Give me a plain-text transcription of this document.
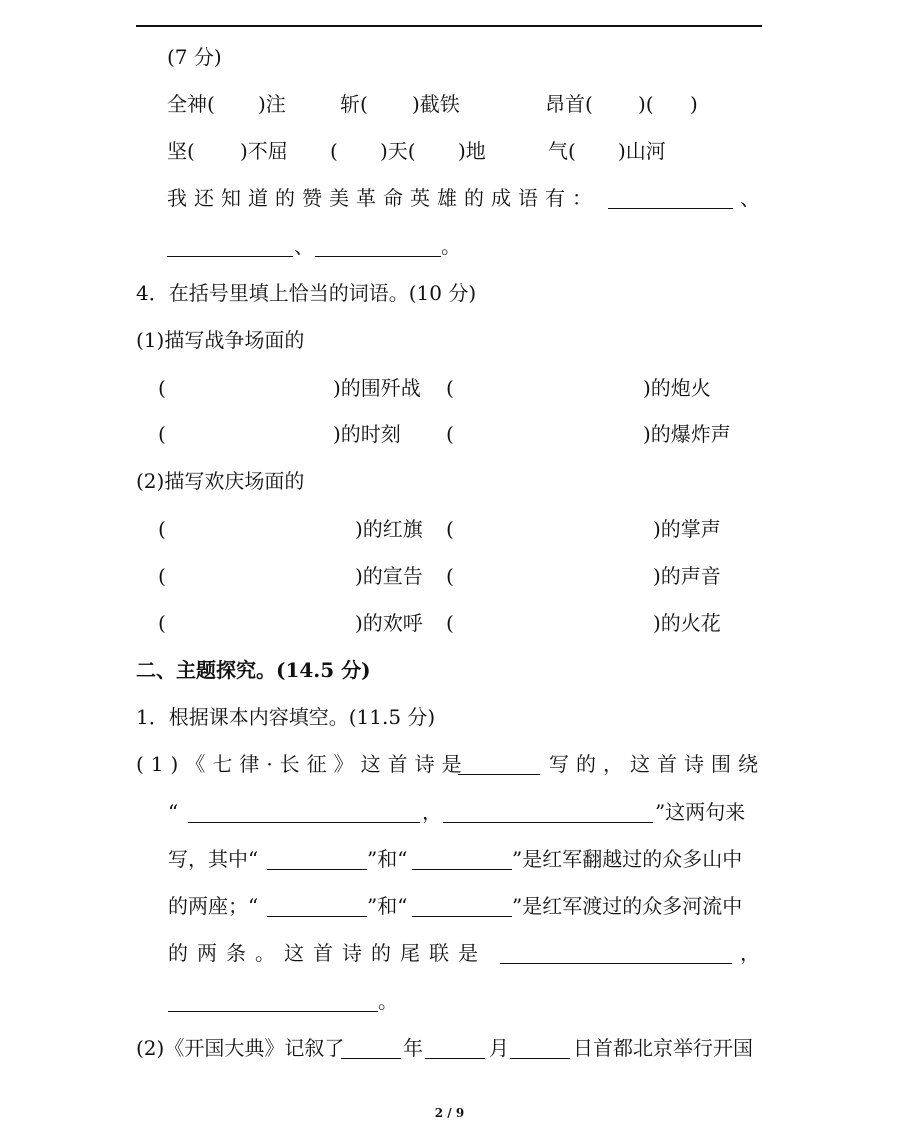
(7 分)
全神( )注	斩( )截铁	昂首( )( )
坚( )不屈 ( )天( )地	气( )山河
我还知道的赞美革命英雄的成语有：	、
、	。
4．在括号里填上恰当的词语。(10 分)
(1)描写战争场面的
(	)的围歼战 (	)的炮火
(	)的时刻 (	)的爆炸声
(2)描写欢庆场面的
(	)的红旗 (	)的掌声
(	)的宣告 (	)的声音
(	)的欢呼 (	)的火花
二、主题探究。(14.5 分)
1．根据课本内容填空。(11.5 分)
(1)《七律·长征》这首诗是	写的，这首诗围绕
“	，	”这两句来
写，其中“	”和“	”是红军翻越过的众多山中
的两座；“	”和“	”是红军渡过的众多河流中
的两条。这首诗的尾联是	，
。
(2)《开国大典》记叙了	年	月	日首都北京举行开国
2 / 9
